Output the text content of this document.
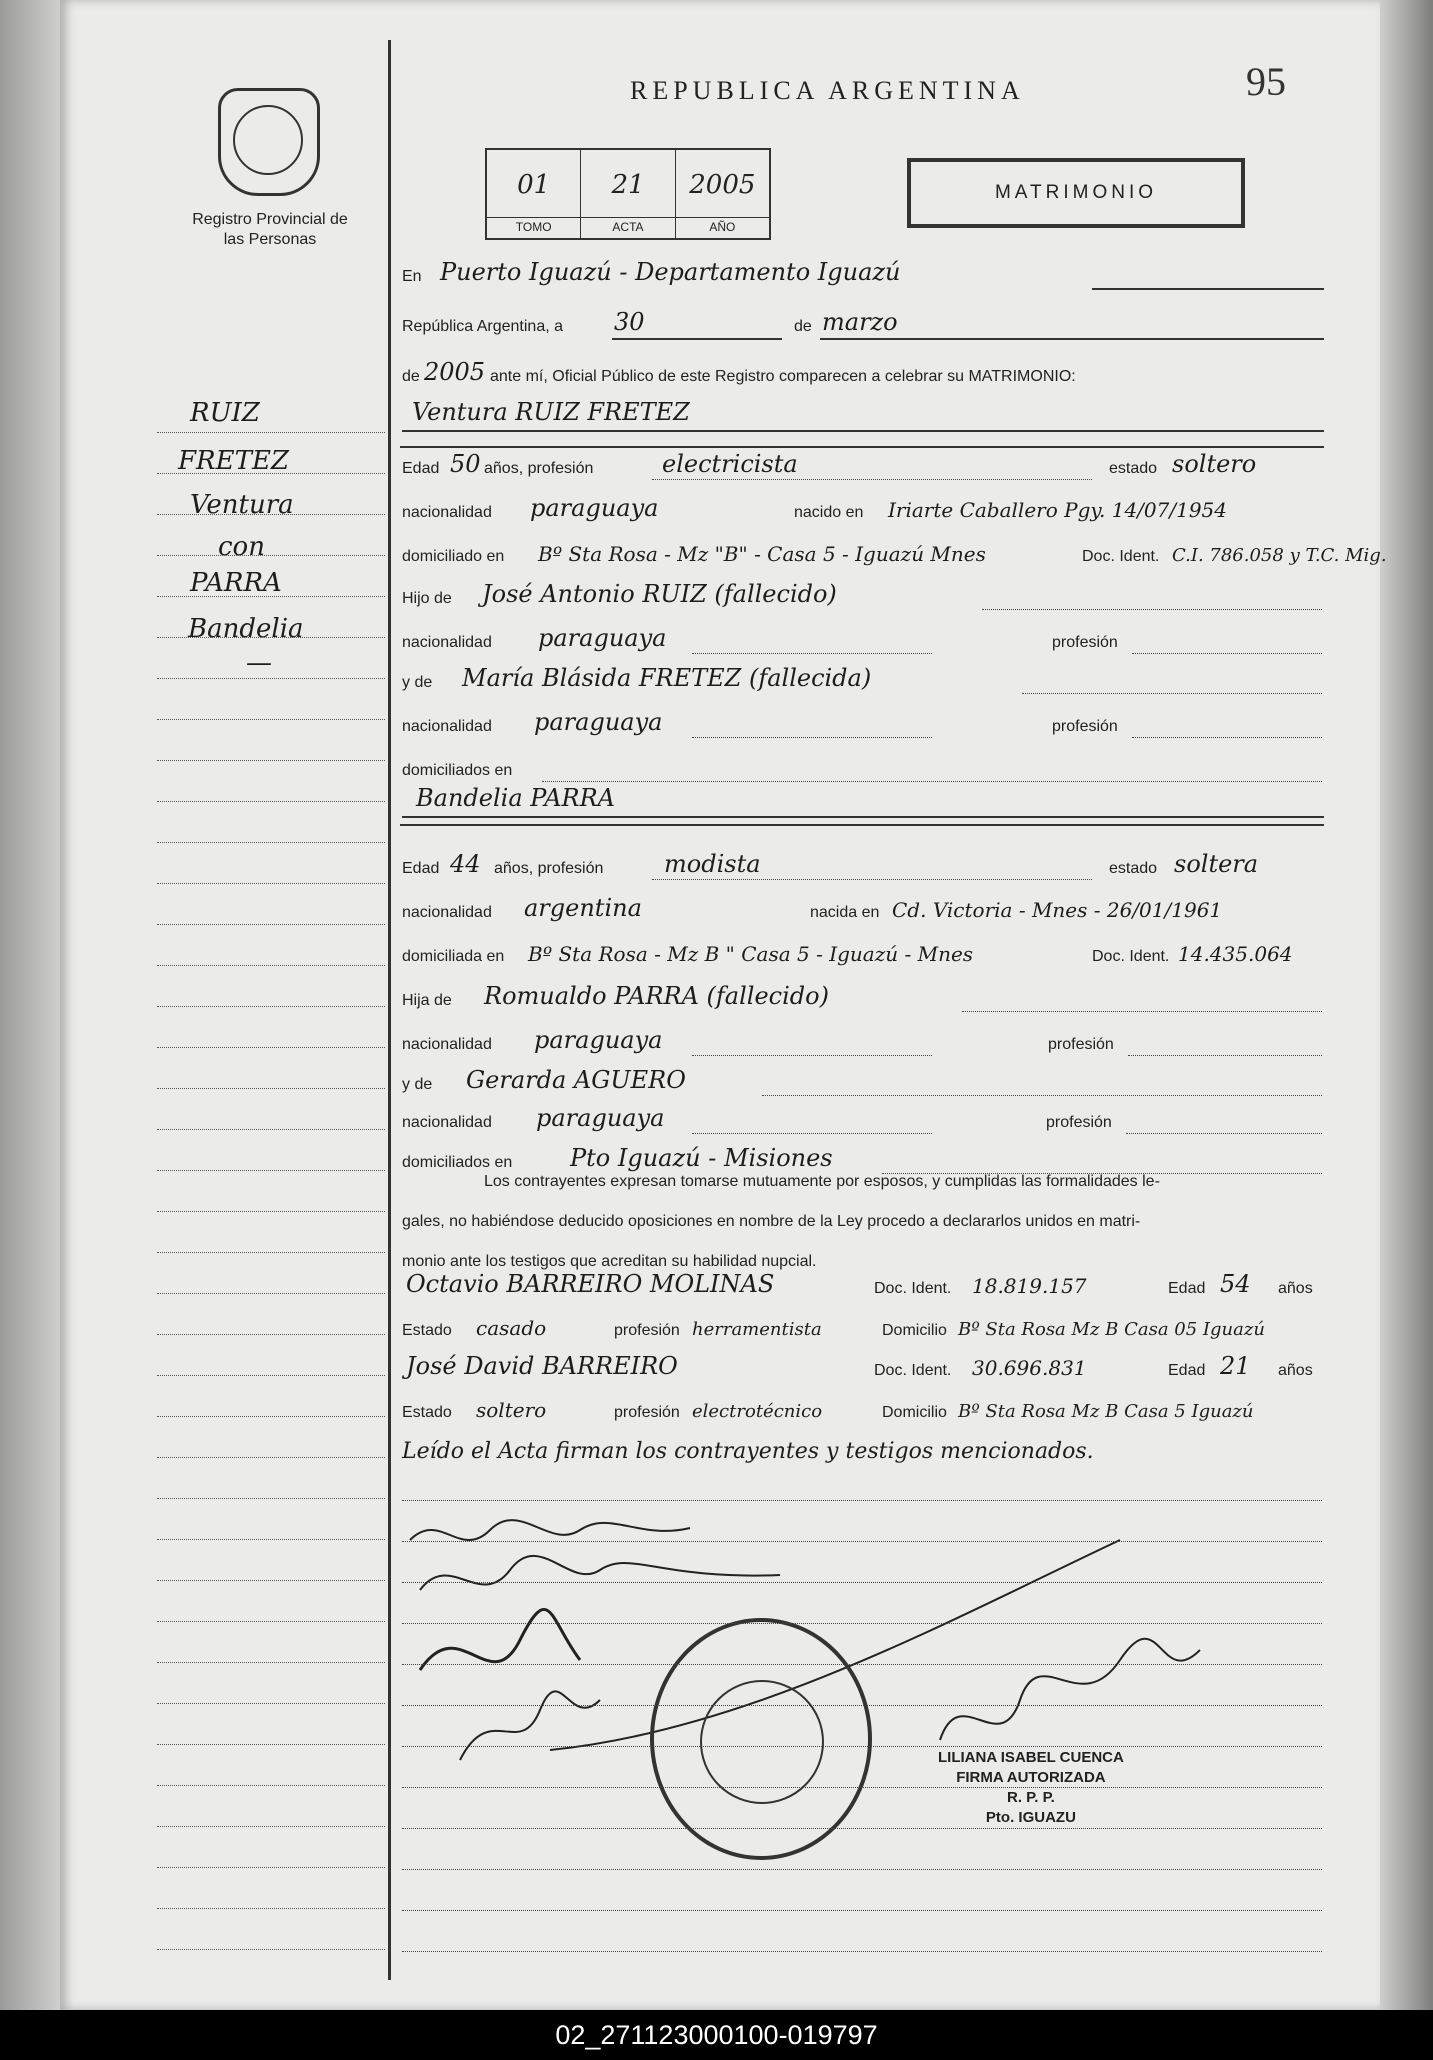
REPUBLICA ARGENTINA	95
Registro Provincial de las Personas
01
TOMO
21
ACTA
2005
AÑO
MATRIMONIO
En Puerto Iguazú - Departamento Iguazú
República Argentina, a 30	de marzo
de 2005 ante mí, Oficial Público de este Registro comparecen a celebrar su MATRIMONIO:
Ventura RUIZ FRETEZ
Edad 50 años, profesión	electricista	estado soltero
nacionalidad paraguaya	nacido en Iriarte Caballero Pgy. 14/07/1954
domiciliado en Bº Sta Rosa - Mz "B" - Casa 5 - Iguazú Mnes	Doc. Ident. C.I. 786.058 y T.C. Mig.
Hijo de José Antonio RUIZ (fallecido)
nacionalidad paraguaya	profesión
y de María Blásida FRETEZ (fallecida)
nacionalidad paraguaya	profesión
domiciliados en
Bandelia PARRA
Edad 44 años, profesión	modista	estado soltera
nacionalidad argentina	nacida en Cd. Victoria - Mnes - 26/01/1961
domiciliada en Bº Sta Rosa - Mz B " Casa 5 - Iguazú - Mnes	Doc. Ident. 14.435.064
Hija de Romualdo PARRA (fallecido)
nacionalidad paraguaya	profesión
y de Gerarda AGUERO
nacionalidad paraguaya	profesión
domiciliados en Pto Iguazú - Misiones
Los contrayentes expresan tomarse mutuamente por esposos, y cumplidas las formalidades le-
gales, no habiéndose deducido oposiciones en nombre de la Ley procedo a declararlos unidos en matri-
monio ante los testigos que acreditan su habilidad nupcial.
Octavio BARREIRO MOLINAS	Doc. Ident. 18.819.157	Edad 54 años
Estado casado	profesión herramentista	Domicilio Bº Sta Rosa Mz B Casa 05 Iguazú
José David BARREIRO	Doc. Ident. 30.696.831	Edad 21 años
Estado soltero	profesión electrotécnico	Domicilio Bº Sta Rosa Mz B Casa 5 Iguazú
Leído el Acta firman los contrayentes y testigos mencionados.
LILIANA ISABEL CUENCA
FIRMA AUTORIZADA
R. P. P.
Pto. IGUAZU
RUIZ
FRETEZ
Ventura
con
PARRA
Bandelia
—
02_271123000100-019797
